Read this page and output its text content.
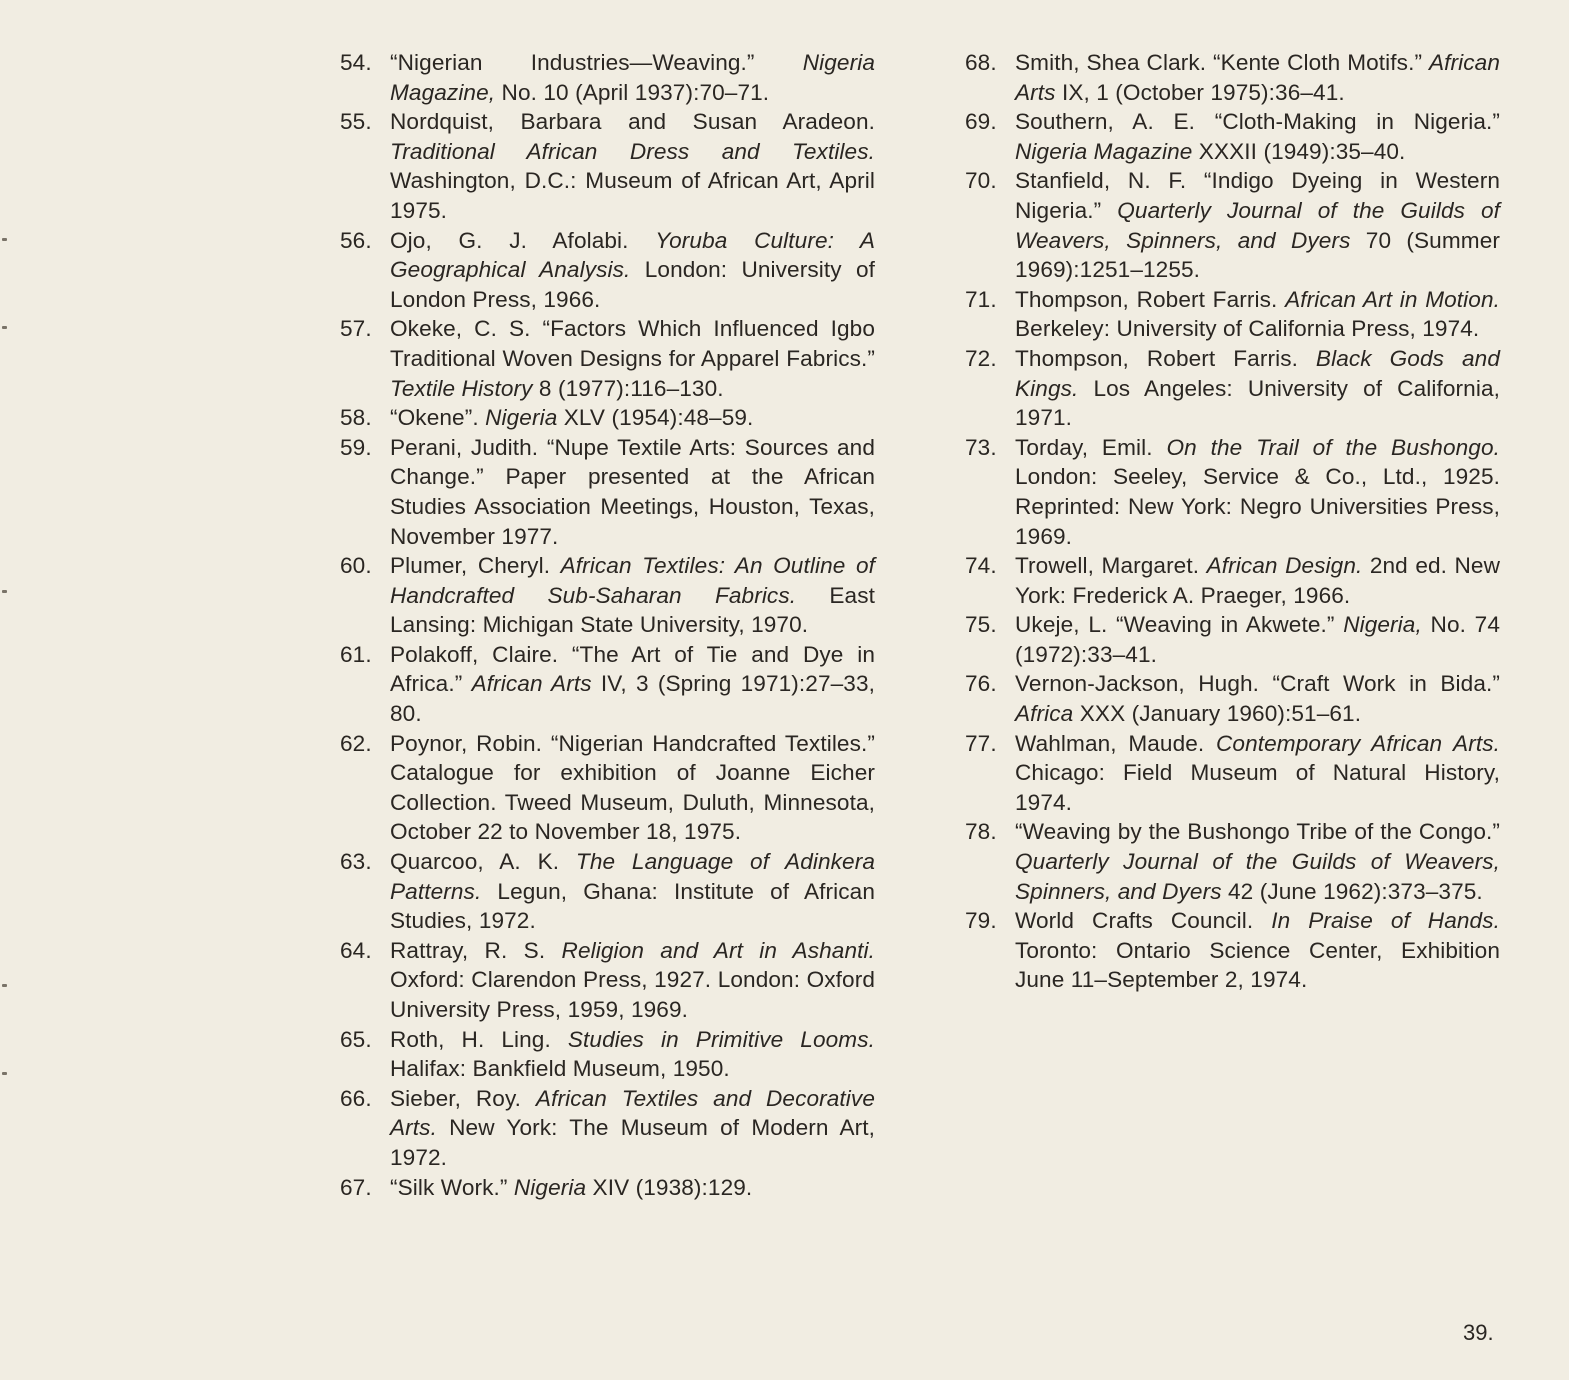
54. “Nigerian Industries—Weaving.” Nigeria Magazine, No. 10 (April 1937):70–71.
55. Nordquist, Barbara and Susan Aradeon. Traditional African Dress and Textiles. Washington, D.C.: Museum of African Art, April 1975.
56. Ojo, G. J. Afolabi. Yoruba Culture: A Geographical Analysis. London: University of London Press, 1966.
57. Okeke, C. S. “Factors Which Influenced Igbo Traditional Woven Designs for Apparel Fabrics.” Textile History 8 (1977):116–130.
58. “Okene”. Nigeria XLV (1954):48–59.
59. Perani, Judith. “Nupe Textile Arts: Sources and Change.” Paper presented at the African Studies Association Meetings, Houston, Texas, November 1977.
60. Plumer, Cheryl. African Textiles: An Outline of Handcrafted Sub-Saharan Fabrics. East Lansing: Michigan State University, 1970.
61. Polakoff, Claire. “The Art of Tie and Dye in Africa.” African Arts IV, 3 (Spring 1971):27–33, 80.
62. Poynor, Robin. “Nigerian Handcrafted Textiles.” Catalogue for exhibition of Joanne Eicher Collection. Tweed Museum, Duluth, Minnesota, October 22 to November 18, 1975.
63. Quarcoo, A. K. The Language of Adinkera Patterns. Legun, Ghana: Institute of African Studies, 1972.
64. Rattray, R. S. Religion and Art in Ashanti. Oxford: Clarendon Press, 1927. London: Oxford University Press, 1959, 1969.
65. Roth, H. Ling. Studies in Primitive Looms. Halifax: Bankfield Museum, 1950.
66. Sieber, Roy. African Textiles and Decorative Arts. New York: The Museum of Modern Art, 1972.
67. “Silk Work.” Nigeria XIV (1938):129.
68. Smith, Shea Clark. “Kente Cloth Motifs.” African Arts IX, 1 (October 1975):36–41.
69. Southern, A. E. “Cloth-Making in Nigeria.” Nigeria Magazine XXXII (1949):35–40.
70. Stanfield, N. F. “Indigo Dyeing in Western Nigeria.” Quarterly Journal of the Guilds of Weavers, Spinners, and Dyers 70 (Summer 1969):1251–1255.
71. Thompson, Robert Farris. African Art in Motion. Berkeley: University of California Press, 1974.
72. Thompson, Robert Farris. Black Gods and Kings. Los Angeles: University of California, 1971.
73. Torday, Emil. On the Trail of the Bushongo. London: Seeley, Service & Co., Ltd., 1925. Reprinted: New York: Negro Universities Press, 1969.
74. Trowell, Margaret. African Design. 2nd ed. New York: Frederick A. Praeger, 1966.
75. Ukeje, L. “Weaving in Akwete.” Nigeria, No. 74 (1972):33–41.
76. Vernon-Jackson, Hugh. “Craft Work in Bida.” Africa XXX (January 1960):51–61.
77. Wahlman, Maude. Contemporary African Arts. Chicago: Field Museum of Natural History, 1974.
78. “Weaving by the Bushongo Tribe of the Congo.” Quarterly Journal of the Guilds of Weavers, Spinners, and Dyers 42 (June 1962):373–375.
79. World Crafts Council. In Praise of Hands. Toronto: Ontario Science Center, Exhibition June 11–September 2, 1974.
39.
